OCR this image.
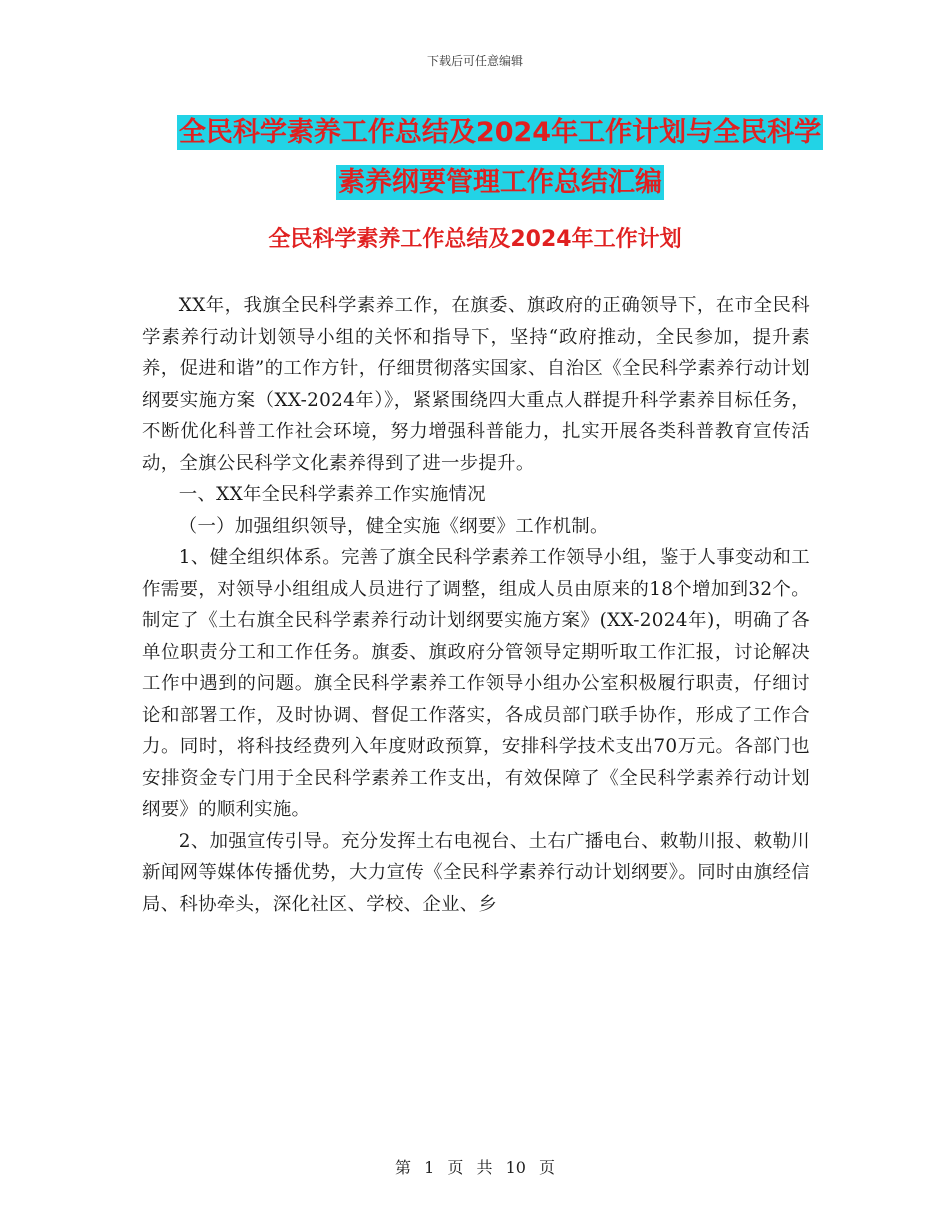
下载后可任意编辑
全民科学素养工作总结及2024年工作计划与全民科学
素养纲要管理工作总结汇编
全民科学素养工作总结及2024年工作计划

XX年，我旗全民科学素养工作，在旗委、旗政府的正确领导下，在市全民科学素养行动计划领导小组的关怀和指导下，坚持“政府推动，全民参加，提升素养，促进和谐”的工作方针，仔细贯彻落实国家、自治区《全民科学素养行动计划纲要实施方案（XX-2024年）》，紧紧围绕四大重点人群提升科学素养目标任务，不断优化科普工作社会环境，努力增强科普能力，扎实开展各类科普教育宣传活动，全旗公民科学文化素养得到了进一步提升。

一、XX年全民科学素养工作实施情况

（一）加强组织领导，健全实施《纲要》工作机制。

1、健全组织体系。完善了旗全民科学素养工作领导小组，鉴于人事变动和工作需要，对领导小组组成人员进行了调整，组成人员由原来的18个增加到32个。制定了《土右旗全民科学素养行动计划纲要实施方案》(XX-2024年)，明确了各单位职责分工和工作任务。旗委、旗政府分管领导定期听取工作汇报，讨论解决工作中遇到的问题。旗全民科学素养工作领导小组办公室积极履行职责，仔细讨论和部署工作，及时协调、督促工作落实，各成员部门联手协作，形成了工作合力。同时，将科技经费列入年度财政预算，安排科学技术支出70万元。各部门也安排资金专门用于全民科学素养工作支出，有效保障了《全民科学素养行动计划纲要》的顺利实施。

2、加强宣传引导。充分发挥土右电视台、土右广播电台、敕勒川报、敕勒川新闻网等媒体传播优势，大力宣传《全民科学素养行动计划纲要》。同时由旗经信局、科协牵头，深化社区、学校、企业、乡

第 1 页 共 10 页
